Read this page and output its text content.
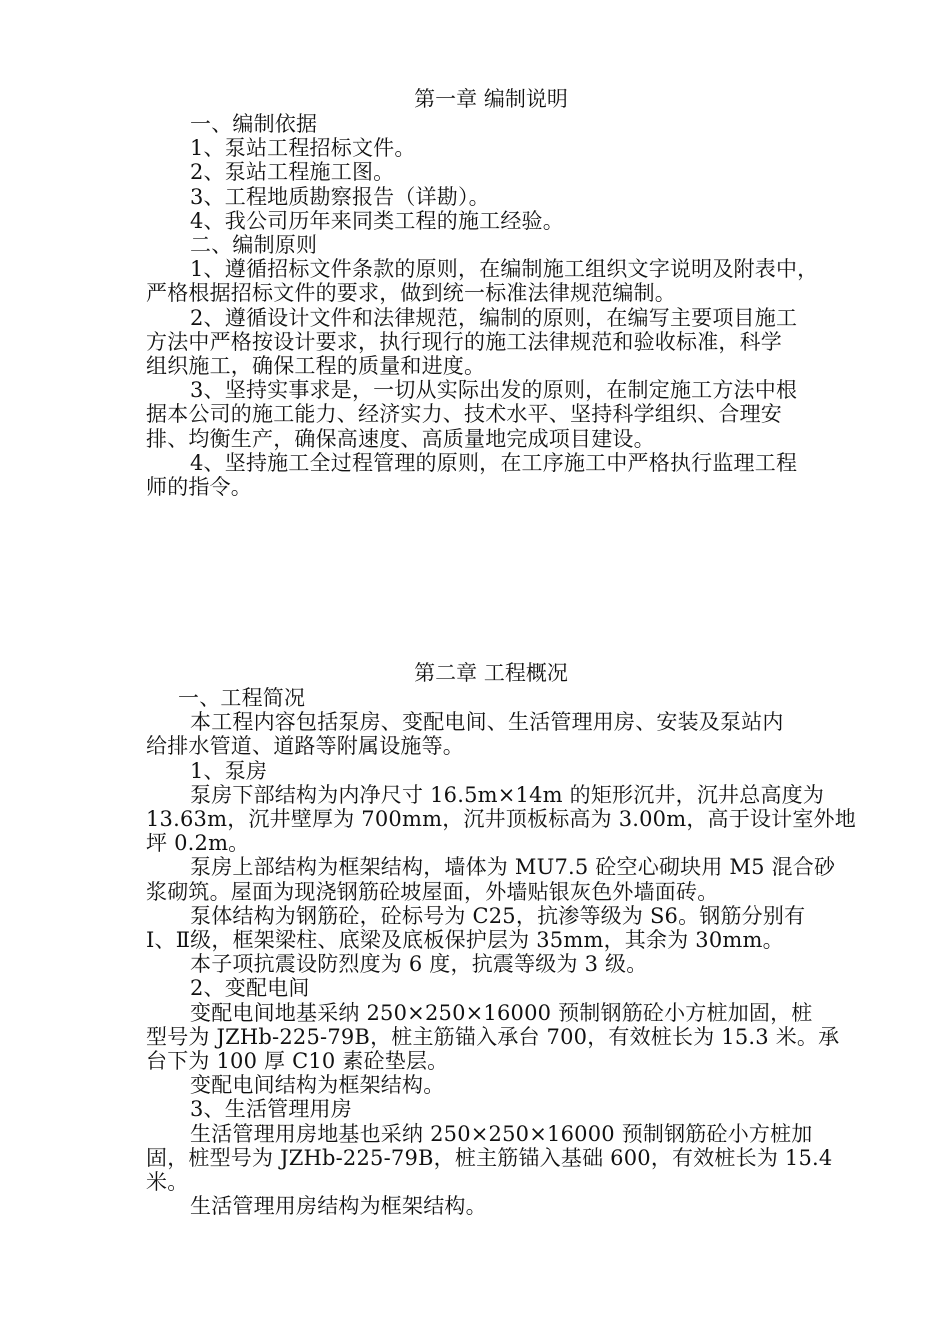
第一章 编制说明

一、编制依据

1、泵站工程招标文件。

2、泵站工程施工图。

3、工程地质勘察报告（详勘）。

4、我公司历年来同类工程的施工经验。

二、编制原则

1、遵循招标文件条款的原则，在编制施工组织文字说明及附表中，

严格根据招标文件的要求，做到统一标准法律规范编制。

2、遵循设计文件和法律规范，编制的原则，在编写主要项目施工

方法中严格按设计要求，执行现行的施工法律规范和验收标准，科学

组织施工，确保工程的质量和进度。

3、坚持实事求是，一切从实际出发的原则，在制定施工方法中根

据本公司的施工能力、经济实力、技术水平、坚持科学组织、合理安

排、均衡生产，确保高速度、高质量地完成项目建设。

4、坚持施工全过程管理的原则，在工序施工中严格执行监理工程

师的指令。

第二章 工程概况

一、工程简况

本工程内容包括泵房、变配电间、生活管理用房、安装及泵站内

给排水管道、道路等附属设施等。

1、泵房

泵房下部结构为内净尺寸 16.5m×14m 的矩形沉井，沉井总高度为

13.63m，沉井壁厚为 700mm，沉井顶板标高为 3.00m，高于设计室外地

坪 0.2m。

泵房上部结构为框架结构，墙体为 MU7.5 砼空心砌块用 M5 混合砂

浆砌筑。屋面为现浇钢筋砼坡屋面，外墙贴银灰色外墙面砖。

泵体结构为钢筋砼，砼标号为 C25，抗渗等级为 S6。钢筋分别有

Ⅰ、Ⅱ级，框架梁柱、底梁及底板保护层为 35mm，其余为 30mm。

本子项抗震设防烈度为 6 度，抗震等级为 3 级。

2、变配电间

变配电间地基采纳 250×250×16000 预制钢筋砼小方桩加固，桩

型号为 JZHb-225-79B，桩主筋锚入承台 700，有效桩长为 15.3 米。承

台下为 100 厚 C10 素砼垫层。

变配电间结构为框架结构。

3、生活管理用房

生活管理用房地基也采纳 250×250×16000 预制钢筋砼小方桩加

固，桩型号为 JZHb-225-79B，桩主筋锚入基础 600，有效桩长为 15.4

米。

生活管理用房结构为框架结构。
